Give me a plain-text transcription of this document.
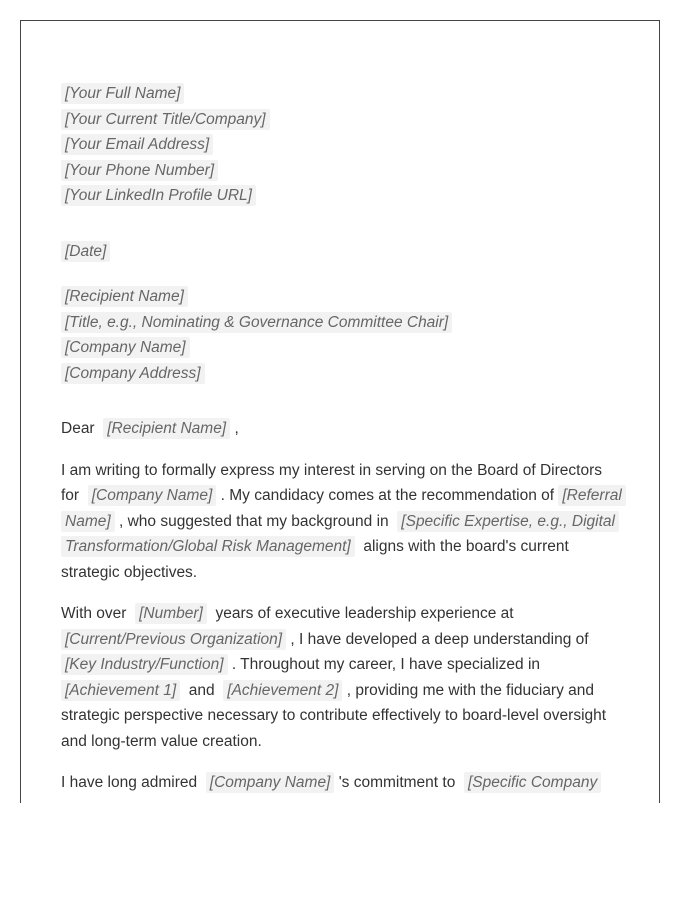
[Your Full Name]
[Your Current Title/Company]
[Your Email Address]
[Your Phone Number]
[Your LinkedIn Profile URL]
[Date]
[Recipient Name]
[Title, e.g., Nominating & Governance Committee Chair]
[Company Name]
[Company Address]

Dear [Recipient Name] ,

I am writing to formally express my interest in serving on the Board of Directors for [Company Name] . My candidacy comes at the recommendation of [Referral Name] , who suggested that my background in [Specific Expertise, e.g., Digital Transformation/Global Risk Management] aligns with the board's current strategic objectives.

With over [Number] years of executive leadership experience at [Current/Previous Organization] , I have developed a deep understanding of [Key Industry/Function] . Throughout my career, I have specialized in [Achievement 1] and [Achievement 2] , providing me with the fiduciary and strategic perspective necessary to contribute effectively to board-level oversight and long-term value creation.

I have long admired [Company Name] 's commitment to [Specific Company
